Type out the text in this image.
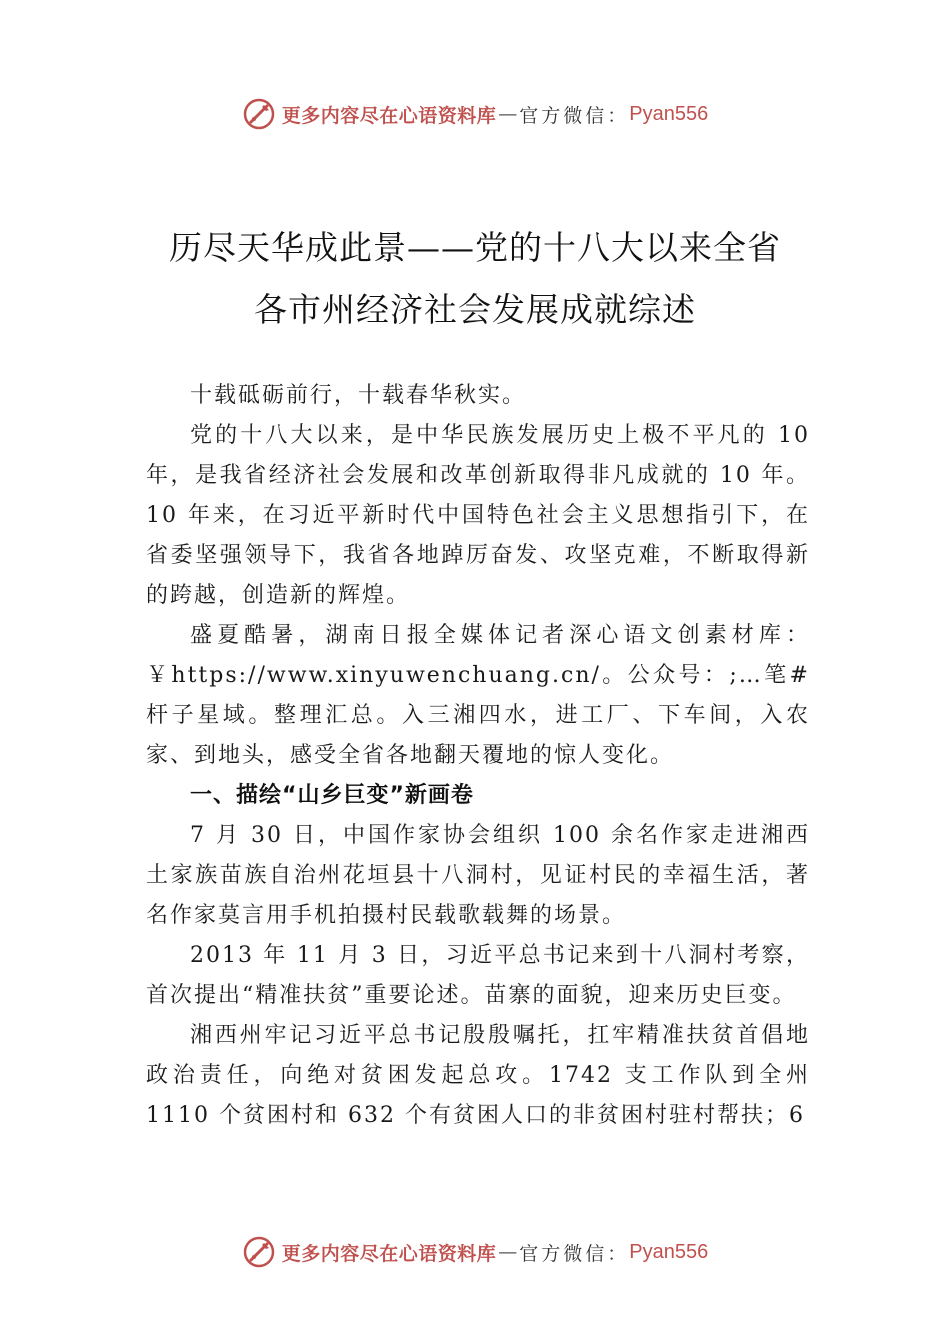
更多内容尽在心语资料库 — 官方微信： Pyan556
历尽天华成此景——党的十八大以来全省
各市州经济社会发展成就综述

十载砥砺前行，十载春华秋实。

党的十八大以来，是中华民族发展历史上极不平凡的 10 年，是我省经济社会发展和改革创新取得非凡成就的 10 年。10 年来，在习近平新时代中国特色社会主义思想指引下，在省委坚强领导下，我省各地踔厉奋发、攻坚克难，不断取得新的跨越，创造新的辉煌。

盛夏酷暑，湖南日报全媒体记者深心语文创素材库：￥https://www.xinyuwenchuang.cn/。公众号：;…笔#杆子星域。整理汇总。入三湘四水，进工厂、下车间，入农家、到地头，感受全省各地翻天覆地的惊人变化。

一、描绘“山乡巨变”新画卷

7 月 30 日，中国作家协会组织 100 余名作家走进湘西土家族苗族自治州花垣县十八洞村，见证村民的幸福生活，著名作家莫言用手机拍摄村民载歌载舞的场景。

2013 年 11 月 3 日，习近平总书记来到十八洞村考察，首次提出“精准扶贫”重要论述。苗寨的面貌，迎来历史巨变。

湘西州牢记习近平总书记殷殷嘱托，扛牢精准扶贫首倡地政治责任，向绝对贫困发起总攻。1742 支工作队到全州 1110 个贫困村和 632 个有贫困人口的非贫困村驻村帮扶；6

更多内容尽在心语资料库 — 官方微信： Pyan556
